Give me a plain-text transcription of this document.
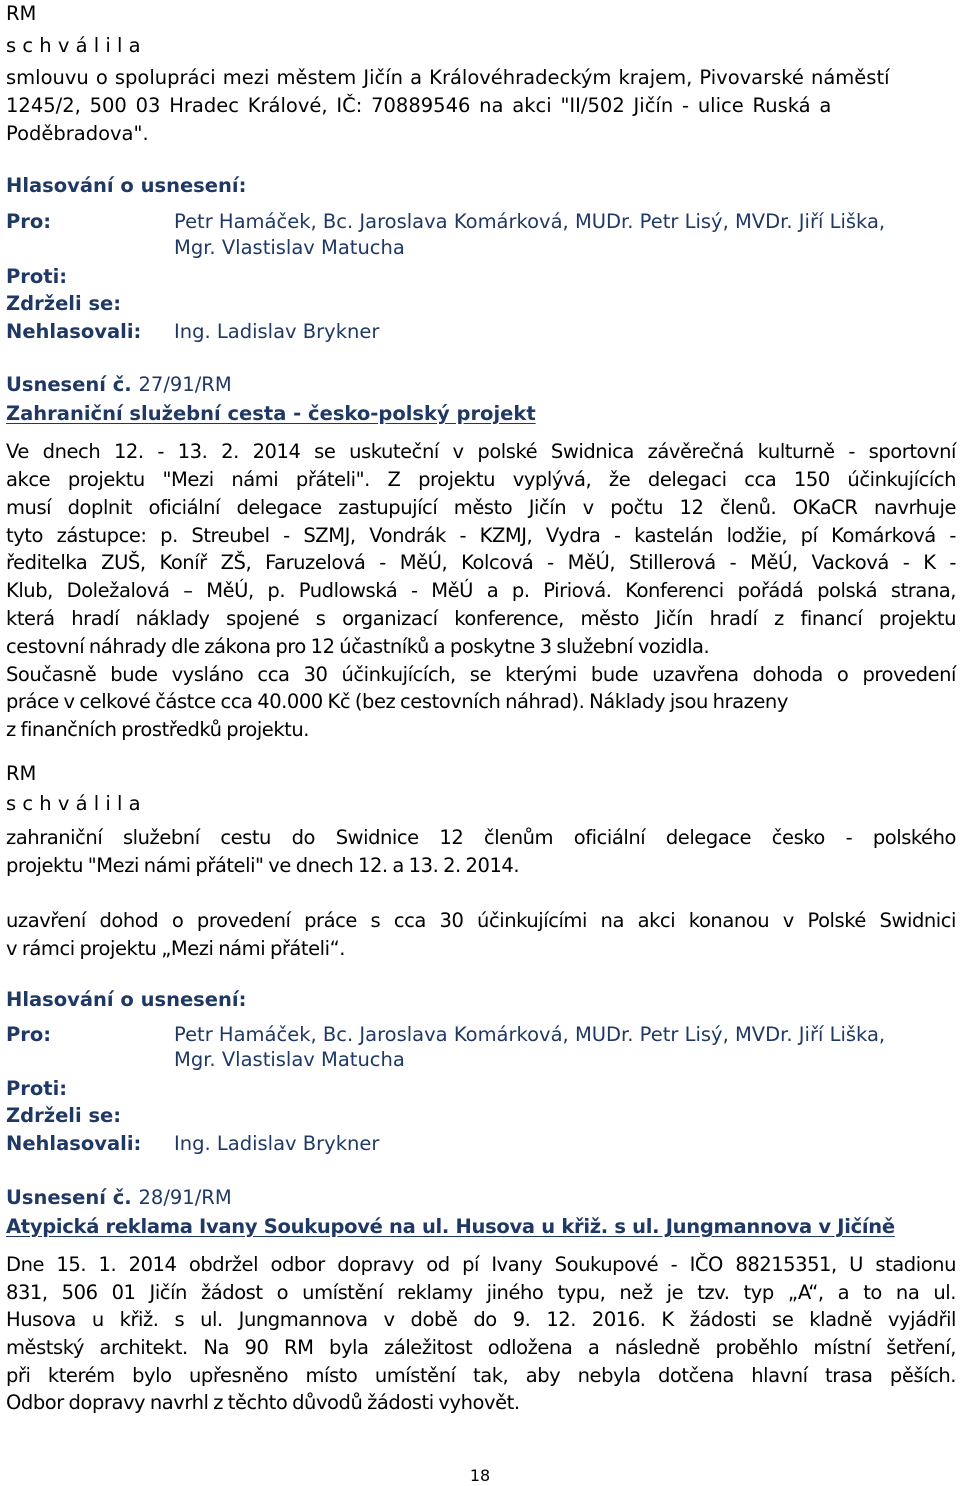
RM
s c h v á l i l a
smlouvu o spolupráci mezi městem Jičín a Královéhradeckým krajem, Pivovarské náměstí
1245/2, 500 03 Hradec Králové, IČ: 70889546 na akci "II/502 Jičín - ulice Ruská a
Poděbradova".
Hlasování o usnesení:
Pro:	Petr Hamáček, Bc. Jaroslava Komárková, MUDr. Petr Lisý, MVDr. Jiří Liška,
Mgr. Vlastislav Matucha
Proti:
Zdrželi se:
Nehlasovali: Ing. Ladislav Brykner
Usnesení č. 27/91/RM
Zahraniční služební cesta - česko-polský projekt
Ve dnech 12. - 13. 2. 2014 se uskuteční v polské Swidnica závěrečná kulturně - sportovní
akce projektu "Mezi námi přáteli". Z projektu vyplývá, že delegaci cca 150 účinkujících
musí doplnit oficiální delegace zastupující město Jičín v počtu 12 členů. OKaCR navrhuje
tyto zástupce: p. Streubel - SZMJ, Vondrák - KZMJ, Vydra - kastelán lodžie, pí Komárková -
ředitelka ZUŠ, Koníř ZŠ, Faruzelová - MěÚ, Kolcová - MěÚ, Stillerová - MěÚ, Vacková - K -
Klub, Doležalová – MěÚ, p. Pudlowská - MěÚ a p. Piriová. Konferenci pořádá polská strana,
která hradí náklady spojené s organizací konference, město Jičín hradí z financí projektu
cestovní náhrady dle zákona pro 12 účastníků a poskytne 3 služební vozidla.
Současně bude vysláno cca 30 účinkujících, se kterými bude uzavřena dohoda o provedení
práce v celkové částce cca 40.000 Kč (bez cestovních náhrad). Náklady jsou hrazeny
z finančních prostředků projektu.
RM
s c h v á l i l a
zahraniční služební cestu do Swidnice 12 členům oficiální delegace česko - polského
projektu "Mezi námi přáteli" ve dnech 12. a 13. 2. 2014.
uzavření dohod o provedení práce s cca 30 účinkujícími na akci konanou v Polské Swidnici
v rámci projektu „Mezi námi přáteli“.
Hlasování o usnesení:
Pro:	Petr Hamáček, Bc. Jaroslava Komárková, MUDr. Petr Lisý, MVDr. Jiří Liška,
Mgr. Vlastislav Matucha
Proti:
Zdrželi se:
Nehlasovali: Ing. Ladislav Brykner
Usnesení č. 28/91/RM
Atypická reklama Ivany Soukupové na ul. Husova u křiž. s ul. Jungmannova v Jičíně
Dne 15. 1. 2014 obdržel odbor dopravy od pí Ivany Soukupové - IČO 88215351, U stadionu
831, 506 01 Jičín žádost o umístění reklamy jiného typu, než je tzv. typ „A“, a to na ul.
Husova u křiž. s ul. Jungmannova v době do 9. 12. 2016. K žádosti se kladně vyjádřil
městský architekt. Na 90 RM byla záležitost odložena a následně proběhlo místní šetření,
při kterém bylo upřesněno místo umístění tak, aby nebyla dotčena hlavní trasa pěších.
Odbor dopravy navrhl z těchto důvodů žádosti vyhovět.
18
